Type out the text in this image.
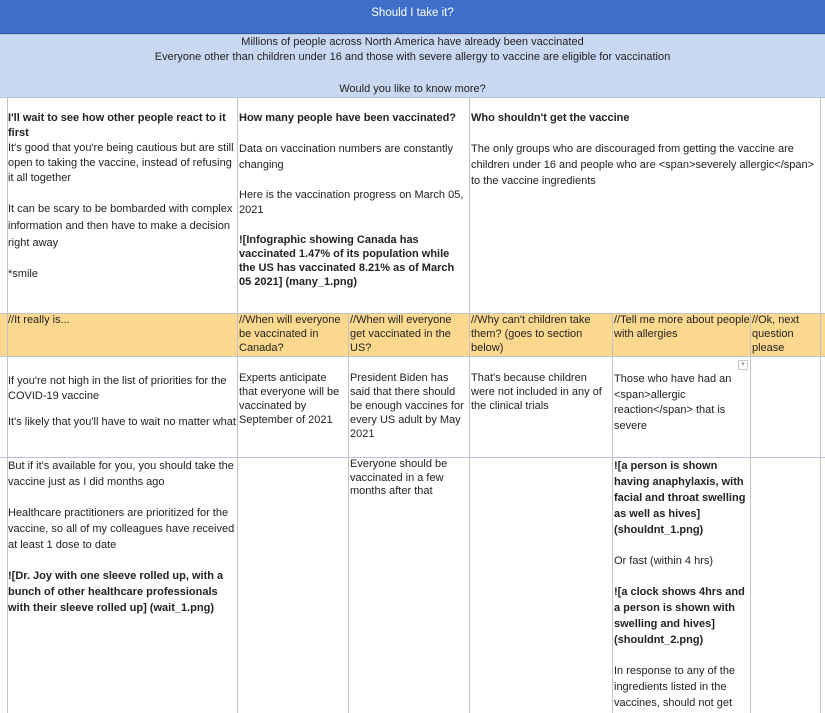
Should I take it?
Millions of people across North America have already been vaccinated
Everyone other than children under 16 and those with severe allergy to vaccine are eligible for vaccination
Would you like to know more?
I'll wait to see how other people react to it first
How many people have been vaccinated?	Who shouldn't get the vaccine

It's good that you're being cautious but are still open to taking the vaccine, instead of refusing it all together

It can be scary to be bombarded with complex information and then have to make a decision right away

*smile

Data on vaccination numbers are constantly changing

Here is the vaccination progress on March 05, 2021

![Infographic showing Canada has vaccinated 1.47% of its population while the US has vaccinated 8.21% as of March 05 2021] (many_1.png)

The only groups who are discouraged from getting the vaccine are children under 16 and people who are <span>severely allergic</span> to the vaccine ingredients

//It really is...	//When will everyone be vaccinated in Canada?
//When will everyone get vaccinated in the US?
//Why can't children take them? (goes to section below)
//Tell me more about people with allergies
//Ok, next question please

If you're not high in the list of priorities for the COVID-19 vaccine

It's likely that you'll have to wait no matter what

Experts anticipate that everyone will be vaccinated by September of 2021
President Biden has said that there should be enough vaccines for every US adult by May 2021
That's because children were not included in any of the clinical trials
Those who have had an <span>allergic reaction</span> that is severe
▾

But if it's available for you, you should take the vaccine just as I did months ago

Healthcare practitioners are prioritized for the vaccine, so all of my colleagues have received at least 1 dose to date

![Dr. Joy with one sleeve rolled up, with a bunch of other healthcare professionals with their sleeve rolled up] (wait_1.png)

Everyone should be vaccinated in a few months after that

![a person is shown having anaphylaxis, with facial and throat swelling as well as hives] (shouldnt_1.png)

Or fast (within 4 hrs)

![a clock shows 4hrs and a person is shown with swelling and hives] (shouldnt_2.png)

In response to any of the ingredients listed in the vaccines, should not get
